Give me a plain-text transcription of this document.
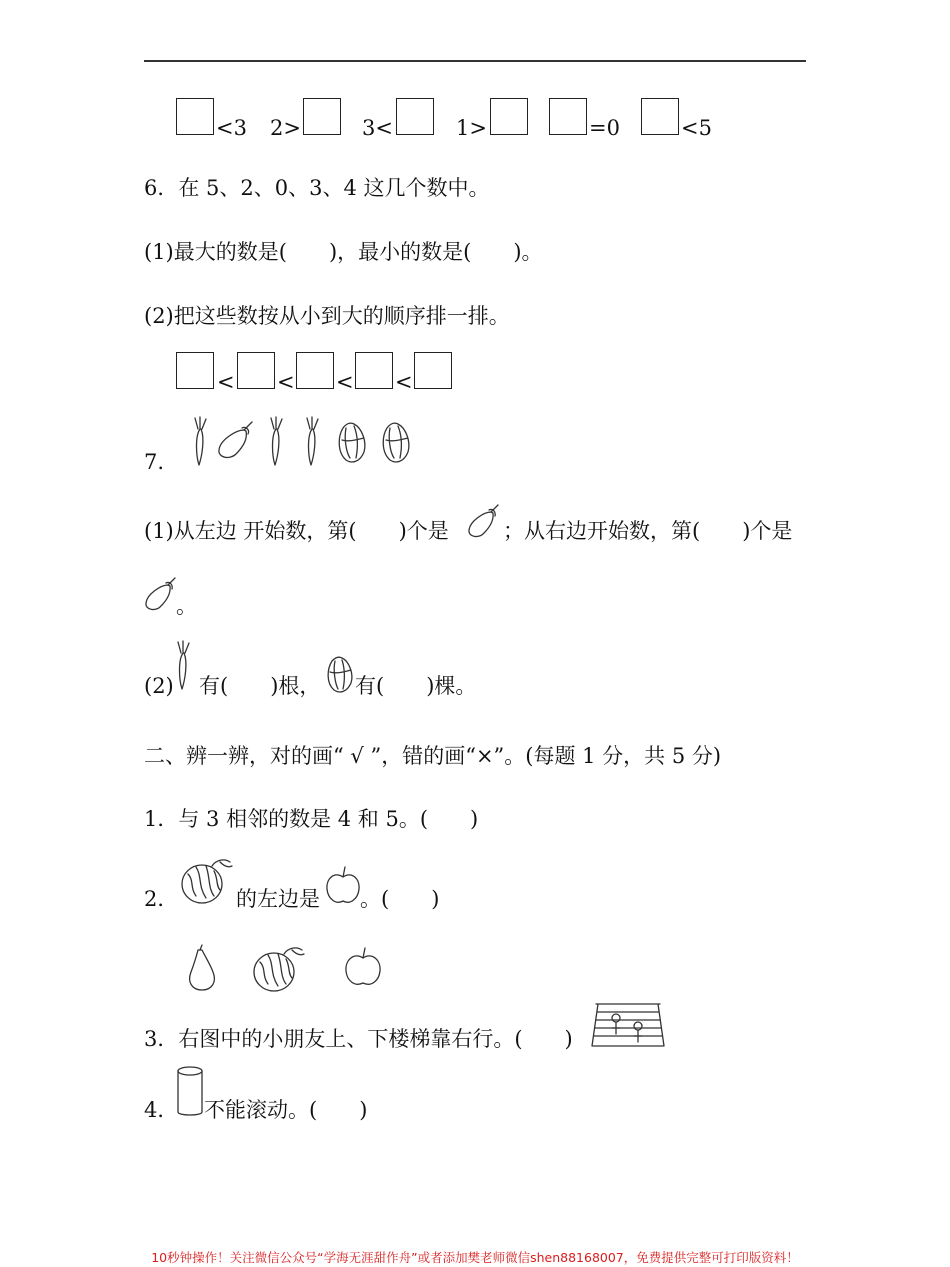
<3 2>	3<	1>	=0	<5
6．在 5、2、0、3、4 这几个数中。
(1)最大的数是(　　)，最小的数是(　　)。
(2)把这些数按从小到大的顺序排一排。
< < < <
7.
(1)从左边 开始数，第(　　)个是	；从右边开始数，第(　　)个是
。
(2) 有(　　)根， 有(　　)棵。
二、辨一辨，对的画“ √ ”，错的画“×”。(每题 1 分，共 5 分)
1．与 3 相邻的数是 4 和 5。(　　)
2．	的左边是 。(　　)
3．右图中的小朋友上、下楼梯靠右行。(　　)
4． 不能滚动。(　　)
10秒钟操作！关注微信公众号“学海无涯甜作舟”或者添加樊老师微信shen88168007，免费提供完整可打印版资料！
